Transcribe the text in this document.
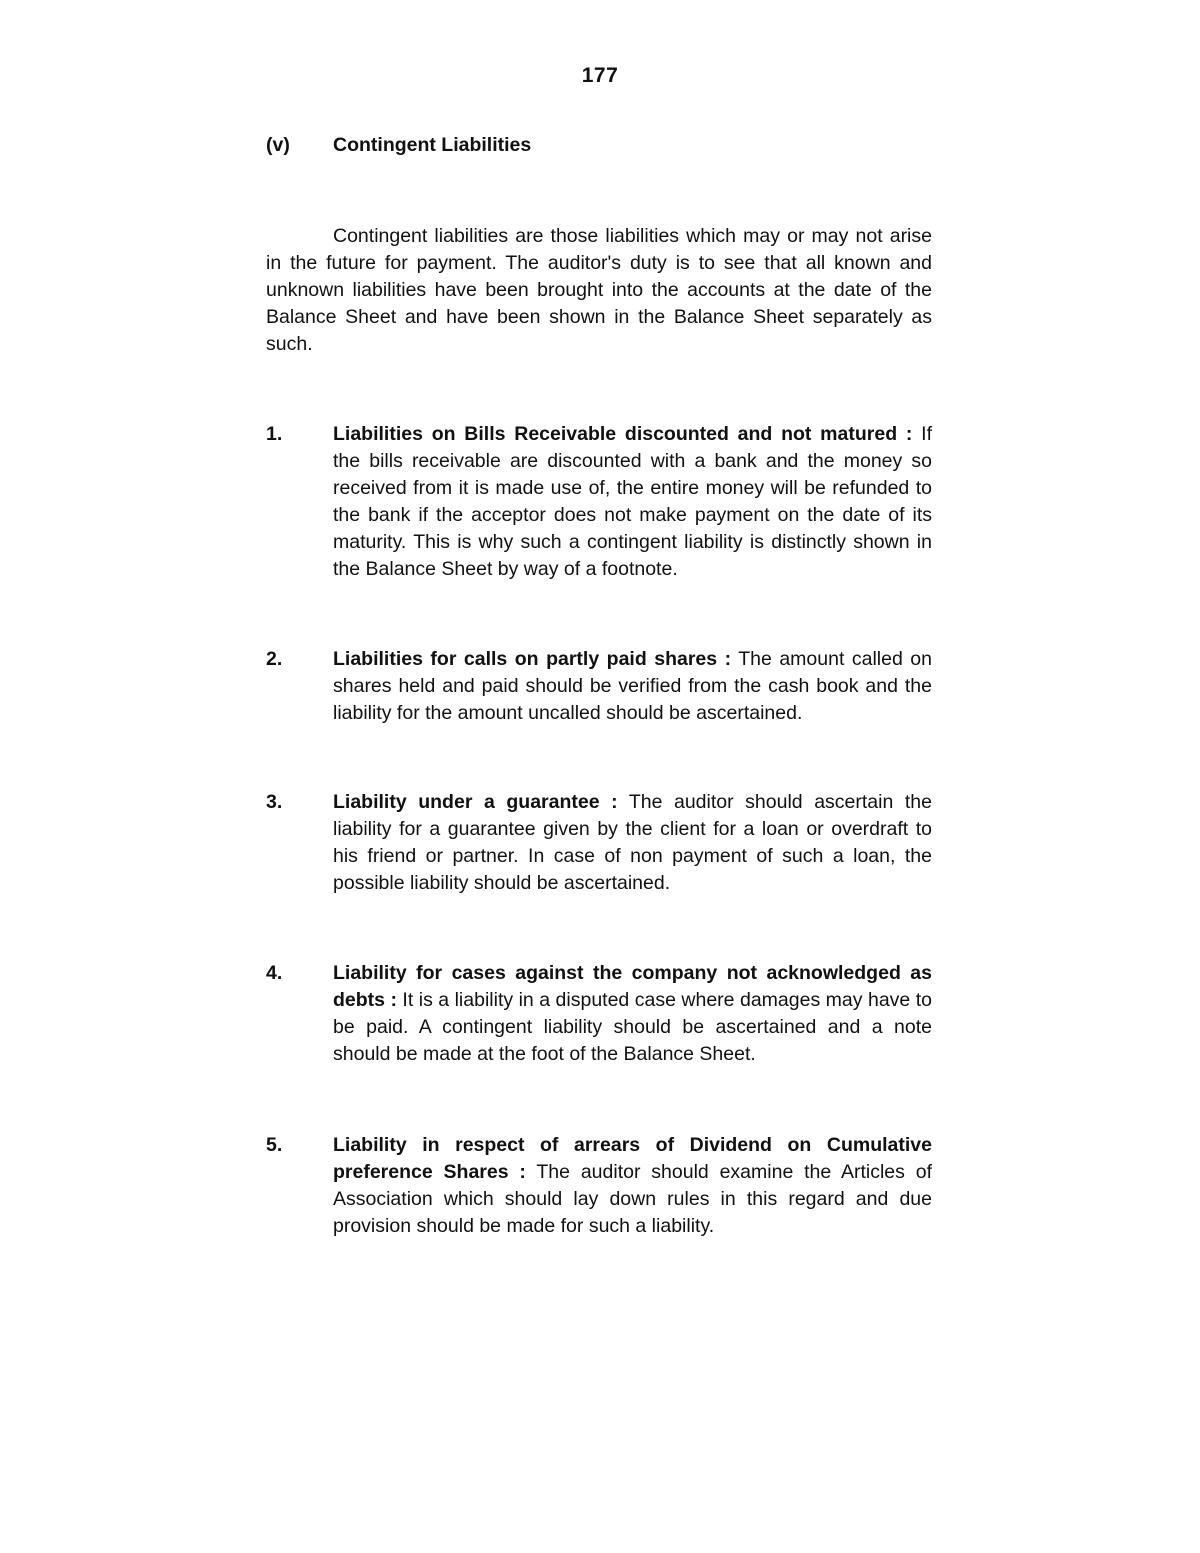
177
(v) Contingent Liabilities

Contingent liabilities are those liabilities which may or may not arise in the future for payment. The auditor's duty is to see that all known and unknown liabilities have been brought into the accounts at the date of the Balance Sheet and have been shown in the Balance Sheet separately as such.

1.	Liabilities on Bills Receivable discounted and not matured : If the bills receivable are discounted with a bank and the money so received from it is made use of, the entire money will be refunded to the bank if the acceptor does not make payment on the date of its maturity. This is why such a contingent liability is distinctly shown in the Balance Sheet by way of a footnote.

2.	Liabilities for calls on partly paid shares : The amount called on shares held and paid should be verified from the cash book and the liability for the amount uncalled should be ascertained.

3.	Liability under a guarantee : The auditor should ascertain the liability for a guarantee given by the client for a loan or overdraft to his friend or partner. In case of non payment of such a loan, the possible liability should be ascertained.

4.	Liability for cases against the company not acknowledged as debts : It is a liability in a disputed case where damages may have to be paid. A contingent liability should be ascertained and a note should be made at the foot of the Balance Sheet.

5.	Liability in respect of arrears of Dividend on Cumulative preference Shares : The auditor should examine the Articles of Association which should lay down rules in this regard and due provision should be made for such a liability.
